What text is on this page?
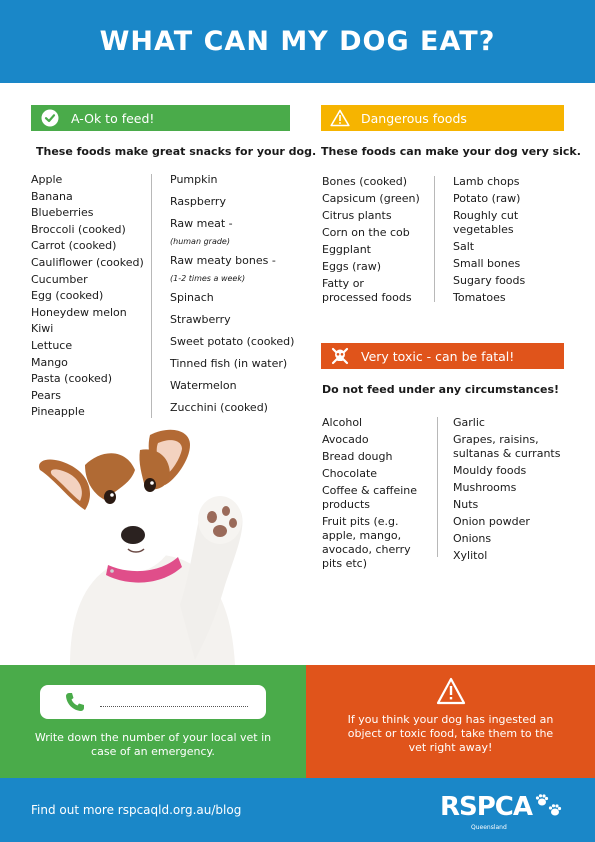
WHAT CAN MY DOG EAT?
A-Ok to feed!
These foods make great snacks for your dog.
Apple
Banana
Blueberries
Broccoli (cooked)
Carrot (cooked)
Cauliflower (cooked)
Cucumber
Egg (cooked)
Honeydew melon
Kiwi
Lettuce
Mango
Pasta (cooked)
Pears
Pineapple
Pumpkin
Raspberry
Raw meat -
(human grade)
Raw meaty bones -
(1-2 times a week)
Spinach
Strawberry
Sweet potato (cooked)
Tinned fish (in water)
Watermelon
Zucchini (cooked)
Dangerous foods
These foods can make your dog very sick.
Bones (cooked)
Capsicum (green)
Citrus plants
Corn on the cob
Eggplant
Eggs (raw)
Fatty or processed foods
Lamb chops
Potato (raw)
Roughly cut vegetables
Salt
Small bones
Sugary foods
Tomatoes
Very toxic - can be fatal!
Do not feed under any circumstances!
Alcohol
Avocado
Bread dough
Chocolate
Coffee & caffeine products
Fruit pits (e.g. apple, mango, avocado, cherry pits etc)
Garlic
Grapes, raisins, sultanas & currants
Mouldy foods
Mushrooms
Nuts
Onion powder
Onions
Xylitol

Write down the number of your local vet in case of an emergency.

If you think your dog has ingested an object or toxic food, take them to the vet right away!

Find out more rspcaqld.org.au/blog	RSPCA
Queensland
